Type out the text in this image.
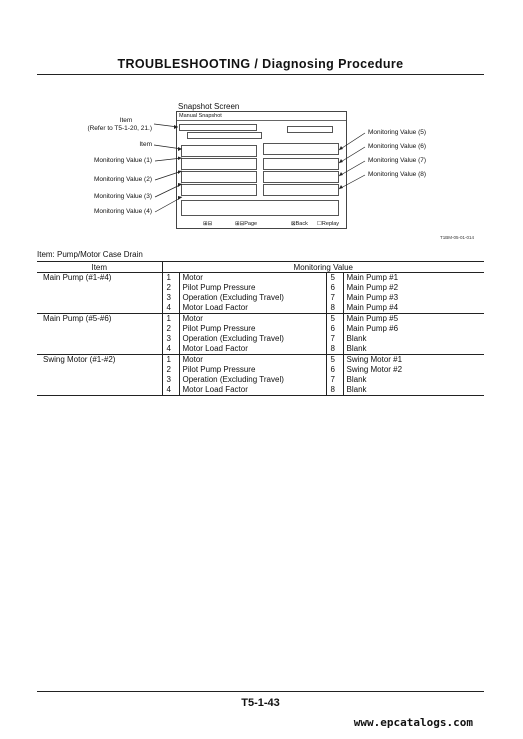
TROUBLESHOOTING / Diagnosing Procedure
Snapshot Screen
Manual Snapshot
⊞⊟	⊞⊟Page	⊠Back ☐Replay
Item
(Refer to T5-1-20, 21.)
Item
Monitoring Value (1)
Monitoring Value (2)
Monitoring Value (3)
Monitoring Value (4)
Monitoring Value (5)
Monitoring Value (6)
Monitoring Value (7)
Monitoring Value (8)
T1BM-05-01-014
Item: Pump/Motor Case Drain
Item	Monitoring Value			
Main Pump (#1-#4)	1	Motor	5	Main Pump #1
	2	Pilot Pump Pressure	6	Main Pump #2
	3	Operation (Excluding Travel)	7	Main Pump #3
	4	Motor Load Factor	8	Main Pump #4
Main Pump (#5-#6)	1	Motor	5	Main Pump #5
	2	Pilot Pump Pressure	6	Main Pump #6
	3	Operation (Excluding Travel)	7	Blank
	4	Motor Load Factor	8	Blank
Swing Motor (#1-#2)	1	Motor	5	Swing Motor #1
	2	Pilot Pump Pressure	6	Swing Motor #2
	3	Operation (Excluding Travel)	7	Blank
	4	Motor Load Factor	8	Blank
T5-1-43
www.epcatalogs.com
